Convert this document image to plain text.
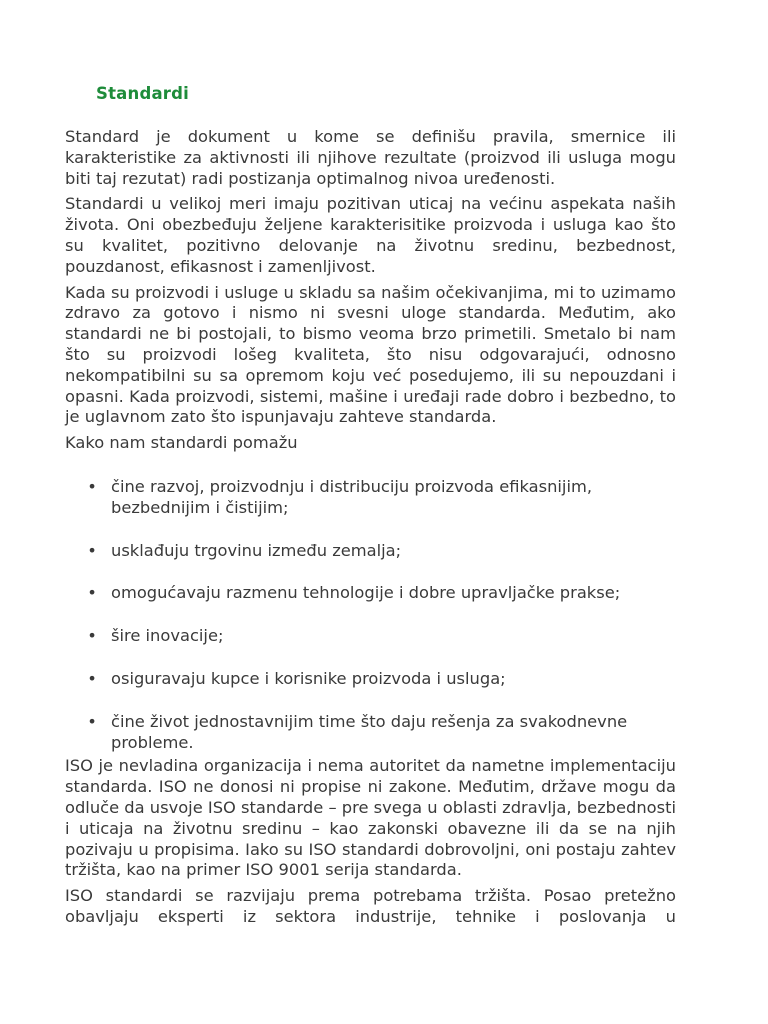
Standardi

Standard je dokument u kome se definišu pravila, smernice ili karakteristike za aktivnosti ili njihove rezultate (proizvod ili usluga mogu biti taj rezutat) radi postizanja optimalnog nivoa uređenosti.

Standardi u velikoj meri imaju pozitivan uticaj na većinu aspekata naših života. Oni obezbeđuju željene karakterisitike proizvoda i usluga kao što su kvalitet, pozitivno delovanje na životnu sredinu, bezbednost, pouzdanost, efikasnost i zamenljivost.

Kada su proizvodi i usluge u skladu sa našim očekivanjima, mi to uzimamo zdravo za gotovo i nismo ni svesni uloge standarda. Međutim, ako standardi ne bi postojali, to bismo veoma brzo primetili. Smetalo bi nam što su proizvodi lošeg kvaliteta, što nisu odgovarajući, odnosno nekompatibilni su sa opremom koju već posedujemo, ili su nepouzdani i opasni. Kada proizvodi, sistemi, mašine i uređaji rade dobro i bezbedno, to je uglavnom zato što ispunjavaju zahteve standarda.

Kako nam standardi pomažu

• čine razvoj, proizvodnju i distribuciju proizvoda efikasnijim, bezbednijim i čistijim;
• usklađuju trgovinu između zemalja;
• omogućavaju razmenu tehnologije i dobre upravljačke prakse;
• šire inovacije;
• osiguravaju kupce i korisnike proizvoda i usluga;
• čine život jednostavnijim time što daju rešenja za svakodnevne probleme.

ISO je nevladina organizacija i nema autoritet da nametne implementaciju standarda. ISO ne donosi ni propise ni zakone. Međutim, države mogu da odluče da usvoje ISO standarde – pre svega u oblasti zdravlja, bezbednosti i uticaja na životnu sredinu – kao zakonski obavezne ili da se na njih pozivaju u propisima. Iako su ISO standardi dobrovoljni, oni postaju zahtev tržišta, kao na primer ISO 9001 serija standarda.

ISO standardi se razvijaju prema potrebama tržišta. Posao pretežno obavljaju eksperti iz sektora industrije, tehnike i poslovanja u
